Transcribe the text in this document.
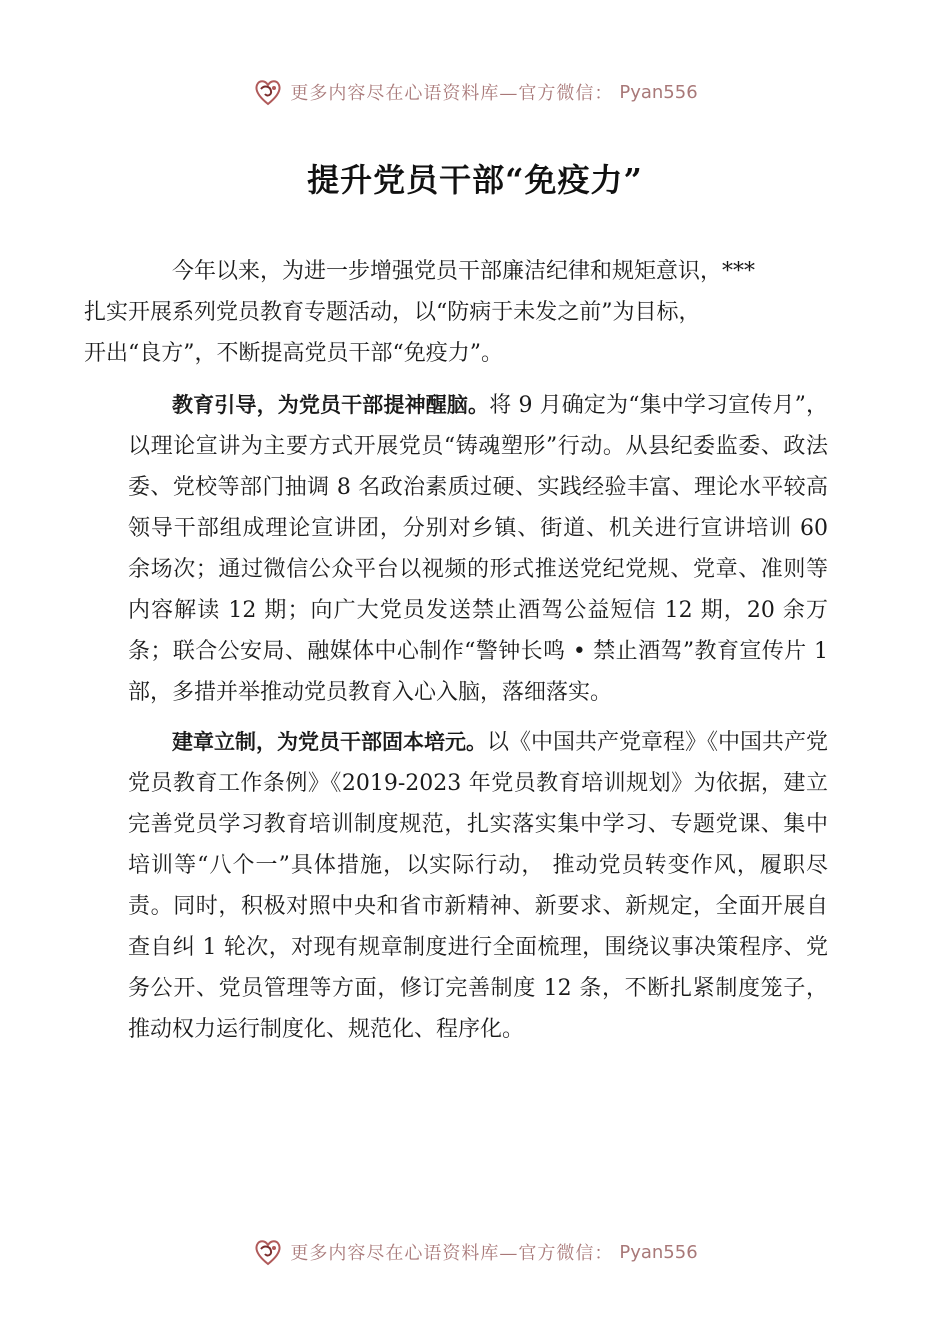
更多内容尽在心语资料库—官方微信： Pyan556
提升党员干部“免疫力”

今年以来，为进一步增强党员干部廉洁纪律和规矩意识，***
扎实开展系列党员教育专题活动，以“防病于未发之前”为目标，
开出“良方”，不断提高党员干部“免疫力”。

教育引导，为党员干部提神醒脑。将 9 月确定为“集中学习宣传月”，以理论宣讲为主要方式开展党员“铸魂塑形”行动。从县纪委监委、政法委、党校等部门抽调 8 名政治素质过硬、实践经验丰富、理论水平较高领导干部组成理论宣讲团，分别对乡镇、街道、机关进行宣讲培训 60 余场次；通过微信公众平台以视频的形式推送党纪党规、党章、准则等内容解读 12 期；向广大党员发送禁止酒驾公益短信 12 期，20 余万条；联合公安局、融媒体中心制作“警钟长鸣 • 禁止酒驾”教育宣传片 1 部，多措并举推动党员教育入心入脑，落细落实。

建章立制，为党员干部固本培元。以《中国共产党章程》《中国共产党党员教育工作条例》《2019-2023 年党员教育培训规划》为依据，建立完善党员学习教育培训制度规范，扎实落实集中学习、专题党课、集中培训等“八个一”具体措施，以实际行动， 推动党员转变作风，履职尽责。同时，积极对照中央和省市新精神、新要求、新规定，全面开展自查自纠 1 轮次，对现有规章制度进行全面梳理，围绕议事决策程序、党务公开、党员管理等方面，修订完善制度 12 条，不断扎紧制度笼子，推动权力运行制度化、规范化、程序化。

更多内容尽在心语资料库—官方微信： Pyan556
